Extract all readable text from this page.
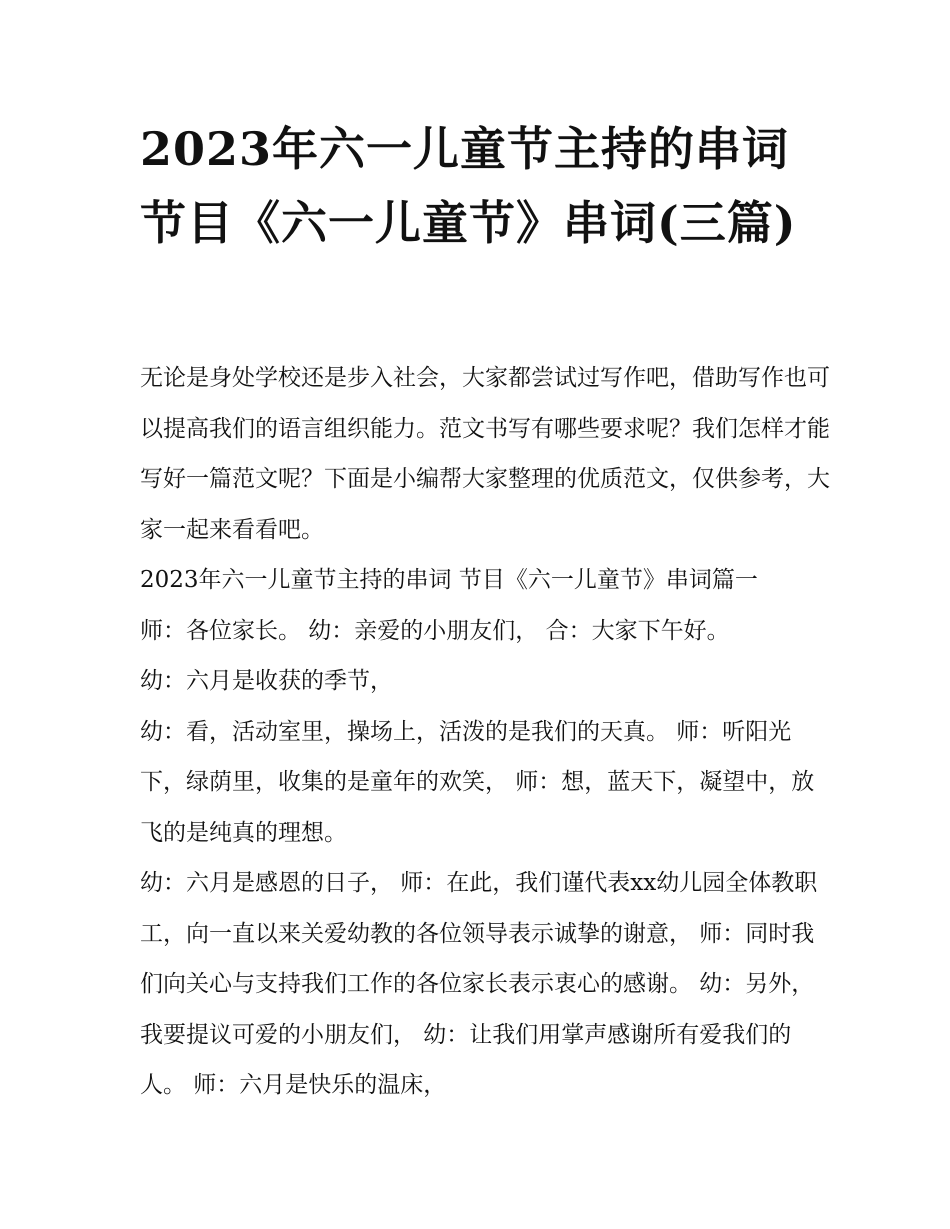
2023年六一儿童节主持的串词 节目《六一儿童节》串词(三篇)

无论是身处学校还是步入社会，大家都尝试过写作吧，借助写作也可以提高我们的语言组织能力。范文书写有哪些要求呢？我们怎样才能写好一篇范文呢？下面是小编帮大家整理的优质范文，仅供参考，大家一起来看看吧。

2023年六一儿童节主持的串词 节目《六一儿童节》串词篇一

师：各位家长。 幼：亲爱的小朋友们， 合：大家下午好。

幼：六月是收获的季节，

幼：看，活动室里，操场上，活泼的是我们的天真。 师：听阳光下，绿荫里，收集的是童年的欢笑， 师：想，蓝天下，凝望中，放飞的是纯真的理想。

幼：六月是感恩的日子， 师：在此，我们谨代表xx幼儿园全体教职工，向一直以来关爱幼教的各位领导表示诚挚的谢意， 师：同时我们向关心与支持我们工作的各位家长表示衷心的感谢。 幼：另外，我要提议可爱的小朋友们， 幼：让我们用掌声感谢所有爱我们的人。 师：六月是快乐的温床，
